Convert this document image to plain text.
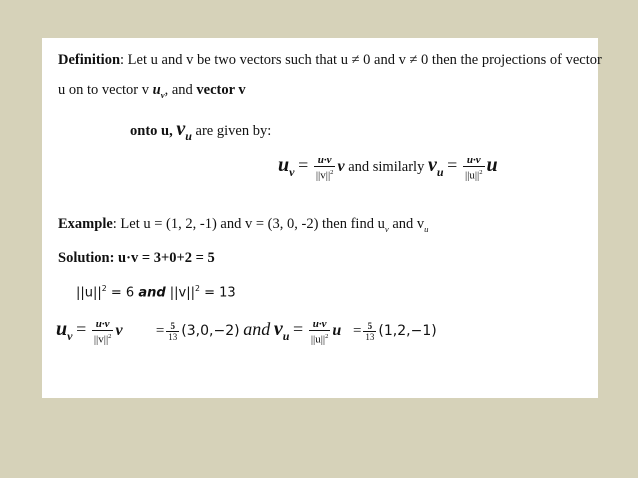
Definition: Let u and v be two vectors such that u ≠ 0 and v ≠ 0 then the projections of vector
u on to vector v $u_v$, and vector v
onto u, $v_u$ are given by:
$u_v = \frac{u\cdot v}{||v||^2}$ v and similarly $v_u = \frac{u\cdot v}{||u||^2}$ u
Example: Let u = (1, 2, -1) and v = (3, 0, -2) then find $u_v$ and $v_u$
Solution: u·v = 3+0+2 = 5
$||u||^2 = 6$ and $||v||^2 = 13$
$u_v = \frac{u\cdot v}{||v||^2}$ $v = \frac{5}{13} (3,0,-2)$ and $v_u = \frac{u\cdot v}{||u||^2}$ $u = \frac{5}{13} (1,2,-1)$
